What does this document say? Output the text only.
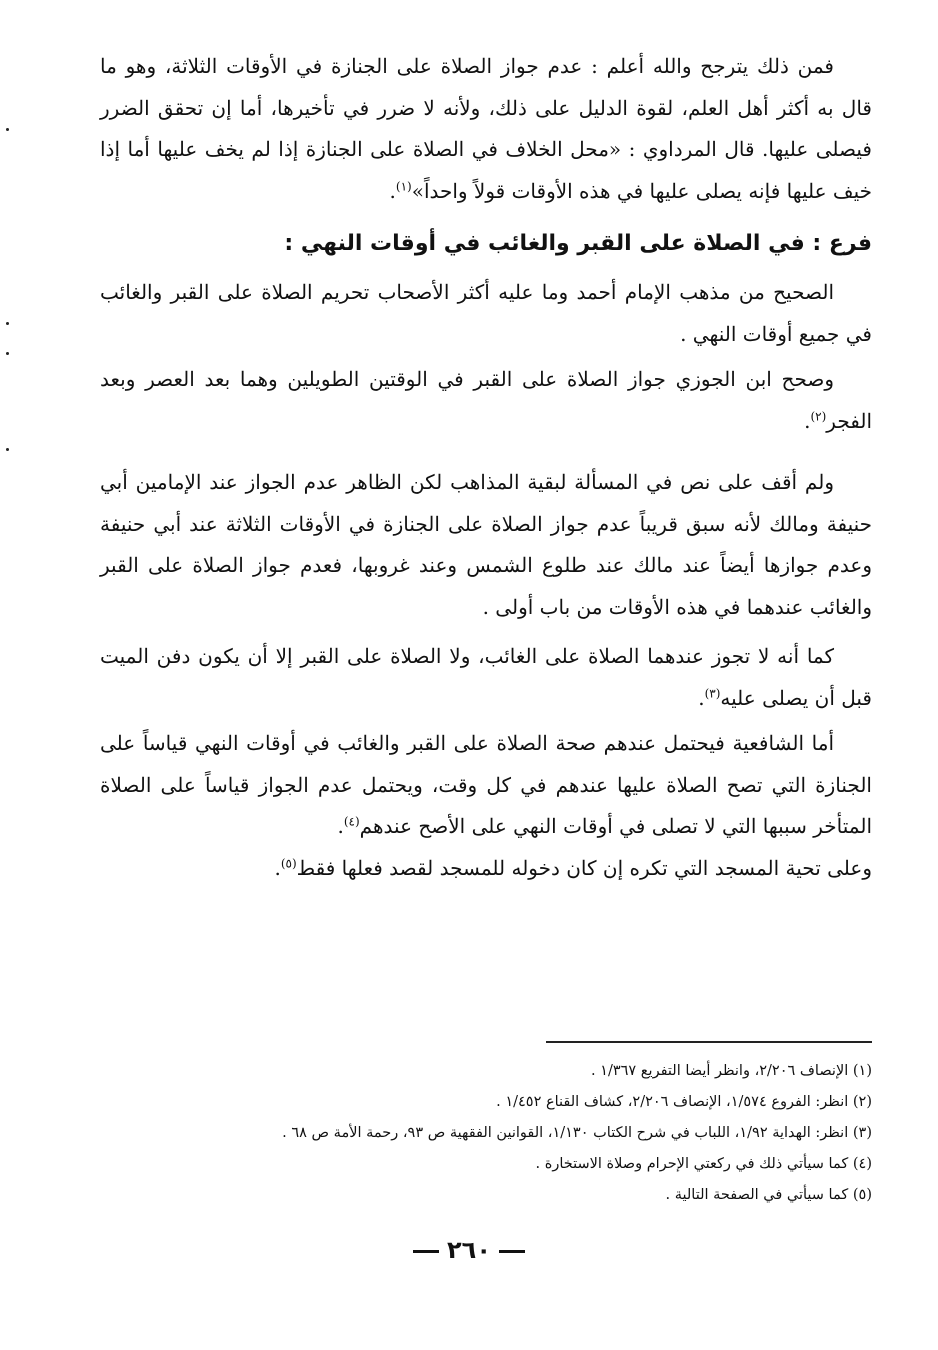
فمن ذلك يترجح والله أعلم : عدم جواز الصلاة على الجنازة في الأوقات الثلاثة، وهو ما قال به أكثر أهل العلم، لقوة الدليل على ذلك، ولأنه لا ضرر في تأخيرها، أما إن تحقق الضرر فيصلى عليها. قال المرداوي : «محل الخلاف في الصلاة على الجنازة إذا لم يخف عليها أما إذا خيف عليها فإنه يصلى عليها في هذه الأوقات قولاً واحداً»$^{(١)}$.

فرع : في الصلاة على القبر والغائب في أوقات النهي :

الصحيح من مذهب الإمام أحمد وما عليه أكثر الأصحاب تحريم الصلاة على القبر والغائب في جميع أوقات النهي .

وصحح ابن الجوزي جواز الصلاة على القبر في الوقتين الطويلين وهما بعد العصر وبعد الفجر$^{(٢)}$.

ولم أقف على نص في المسألة لبقية المذاهب لكن الظاهر عدم الجواز عند الإمامين أبي حنيفة ومالك لأنه سبق قريباً عدم جواز الصلاة على الجنازة في الأوقات الثلاثة عند أبي حنيفة وعدم جوازها أيضاً عند مالك عند طلوع الشمس وعند غروبها، فعدم جواز الصلاة على القبر والغائب عندهما في هذه الأوقات من باب أولى .

كما أنه لا تجوز عندهما الصلاة على الغائب، ولا الصلاة على القبر إلا أن يكون دفن الميت قبل أن يصلى عليه$^{(٣)}$.

أما الشافعية فيحتمل عندهم صحة الصلاة على القبر والغائب في أوقات النهي قياساً على الجنازة التي تصح الصلاة عليها عندهم في كل وقت، ويحتمل عدم الجواز قياساً على الصلاة المتأخر سببها التي لا تصلى في أوقات النهي على الأصح عندهم$^{(٤)}$.

وعلى تحية المسجد التي تكره إن كان دخوله للمسجد لقصد فعلها فقط$^{(٥)}$.

(١) الإنصاف ٢/٢٠٦، وانظر أيضا التفريع ١/٣٦٧ .
(٢) انظر: الفروع ١/٥٧٤، الإنصاف ٢/٢٠٦، كشاف القناع ١/٤٥٢ .
(٣) انظر: الهداية ١/٩٢، اللباب في شرح الكتاب ١/١٣٠، القوانين الفقهية ص ٩٣، رحمة الأمة ص ٦٨ .
(٤) كما سيأتي ذلك في ركعتي الإحرام وصلاة الاستخارة .
(٥) كما سيأتي في الصفحة التالية .
٢٦٠
